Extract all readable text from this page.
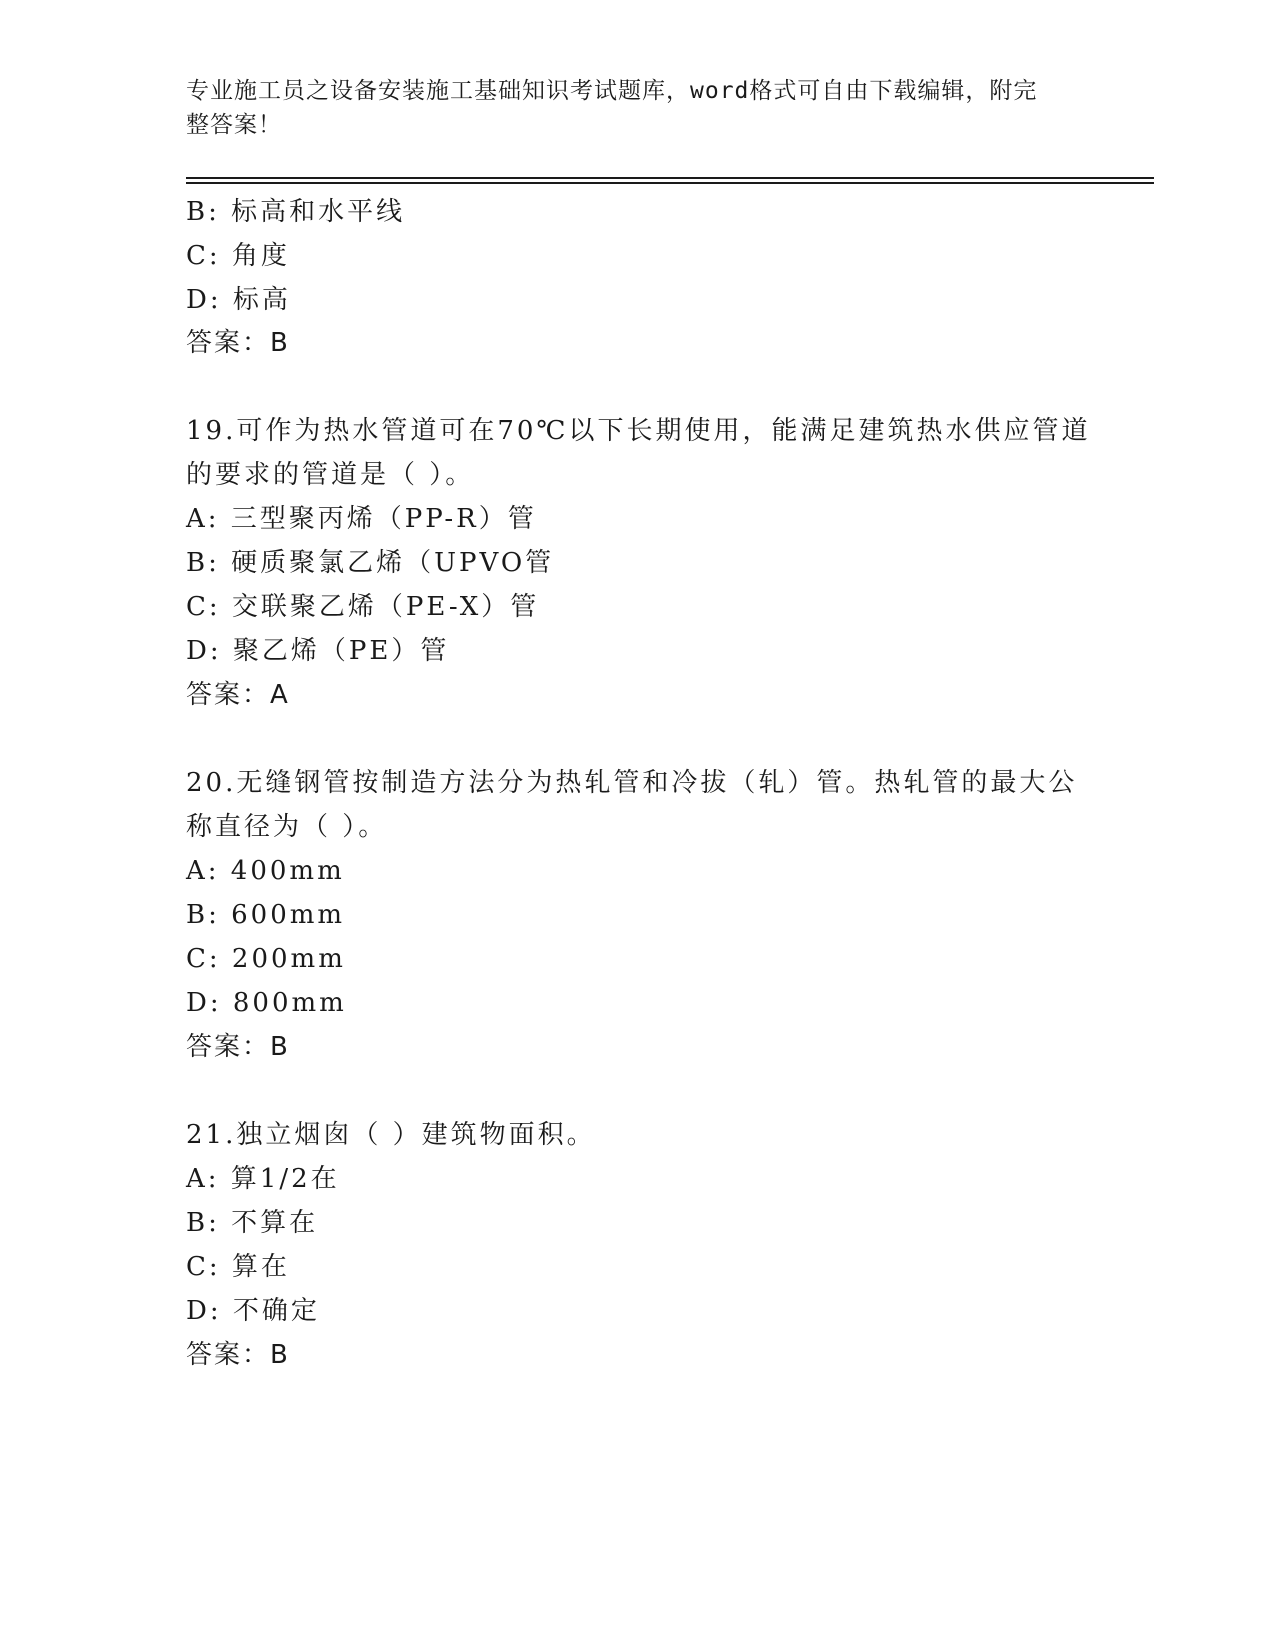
专业施工员之设备安装施工基础知识考试题库，word格式可自由下载编辑，附完
整答案！
B: 标高和水平线
C: 角度
D: 标高
答案：B
19.可作为热水管道可在70℃以下长期使用，能满足建筑热水供应管道
的要求的管道是（ ）。
A: 三型聚丙烯（PP-R）管
B: 硬质聚氯乙烯（UPVO管
C: 交联聚乙烯（PE-X）管
D: 聚乙烯（PE）管
答案：A
20.无缝钢管按制造方法分为热轧管和冷拔（轧）管。热轧管的最大公
称直径为（ ）。
A: 400mm
B: 600mm
C: 200mm
D: 800mm
答案：B
21.独立烟囱（ ）建筑物面积。
A: 算1/2在
B: 不算在
C: 算在
D: 不确定
答案：B
